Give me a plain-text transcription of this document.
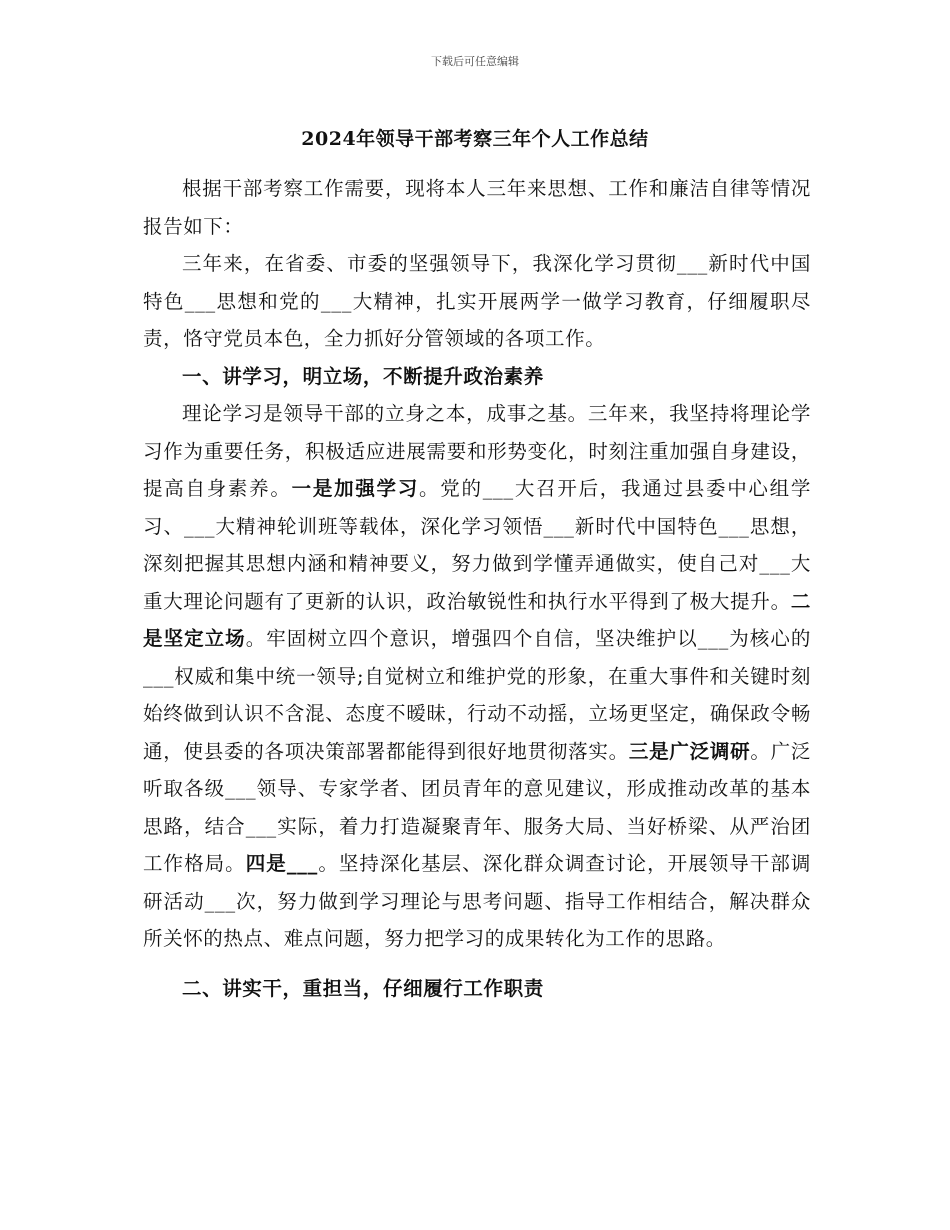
下载后可任意编辑
2024年领导干部考察三年个人工作总结

根据干部考察工作需要，现将本人三年来思想、工作和廉洁自律等情况报告如下：

三年来，在省委、市委的坚强领导下，我深化学习贯彻___新时代中国特色___思想和党的___大精神，扎实开展两学一做学习教育，仔细履职尽责，恪守党员本色，全力抓好分管领域的各项工作。

一、讲学习，明立场，不断提升政治素养

理论学习是领导干部的立身之本，成事之基。三年来，我坚持将理论学习作为重要任务，积极适应进展需要和形势变化，时刻注重加强自身建设，提高自身素养。一是加强学习。党的___大召开后，我通过县委中心组学习、___大精神轮训班等载体，深化学习领悟___新时代中国特色___思想，深刻把握其思想内涵和精神要义，努力做到学懂弄通做实，使自己对___大重大理论问题有了更新的认识，政治敏锐性和执行水平得到了极大提升。二是坚定立场。牢固树立四个意识，增强四个自信，坚决维护以___为核心的___权威和集中统一领导;自觉树立和维护党的形象，在重大事件和关键时刻始终做到认识不含混、态度不暧昧，行动不动摇，立场更坚定，确保政令畅通，使县委的各项决策部署都能得到很好地贯彻落实。三是广泛调研。广泛听取各级___领导、专家学者、团员青年的意见建议，形成推动改革的基本思路，结合___实际，着力打造凝聚青年、服务大局、当好桥梁、从严治团工作格局。四是___。坚持深化基层、深化群众调查讨论，开展领导干部调研活动___次，努力做到学习理论与思考问题、指导工作相结合，解决群众所关怀的热点、难点问题，努力把学习的成果转化为工作的思路。

二、讲实干，重担当，仔细履行工作职责
